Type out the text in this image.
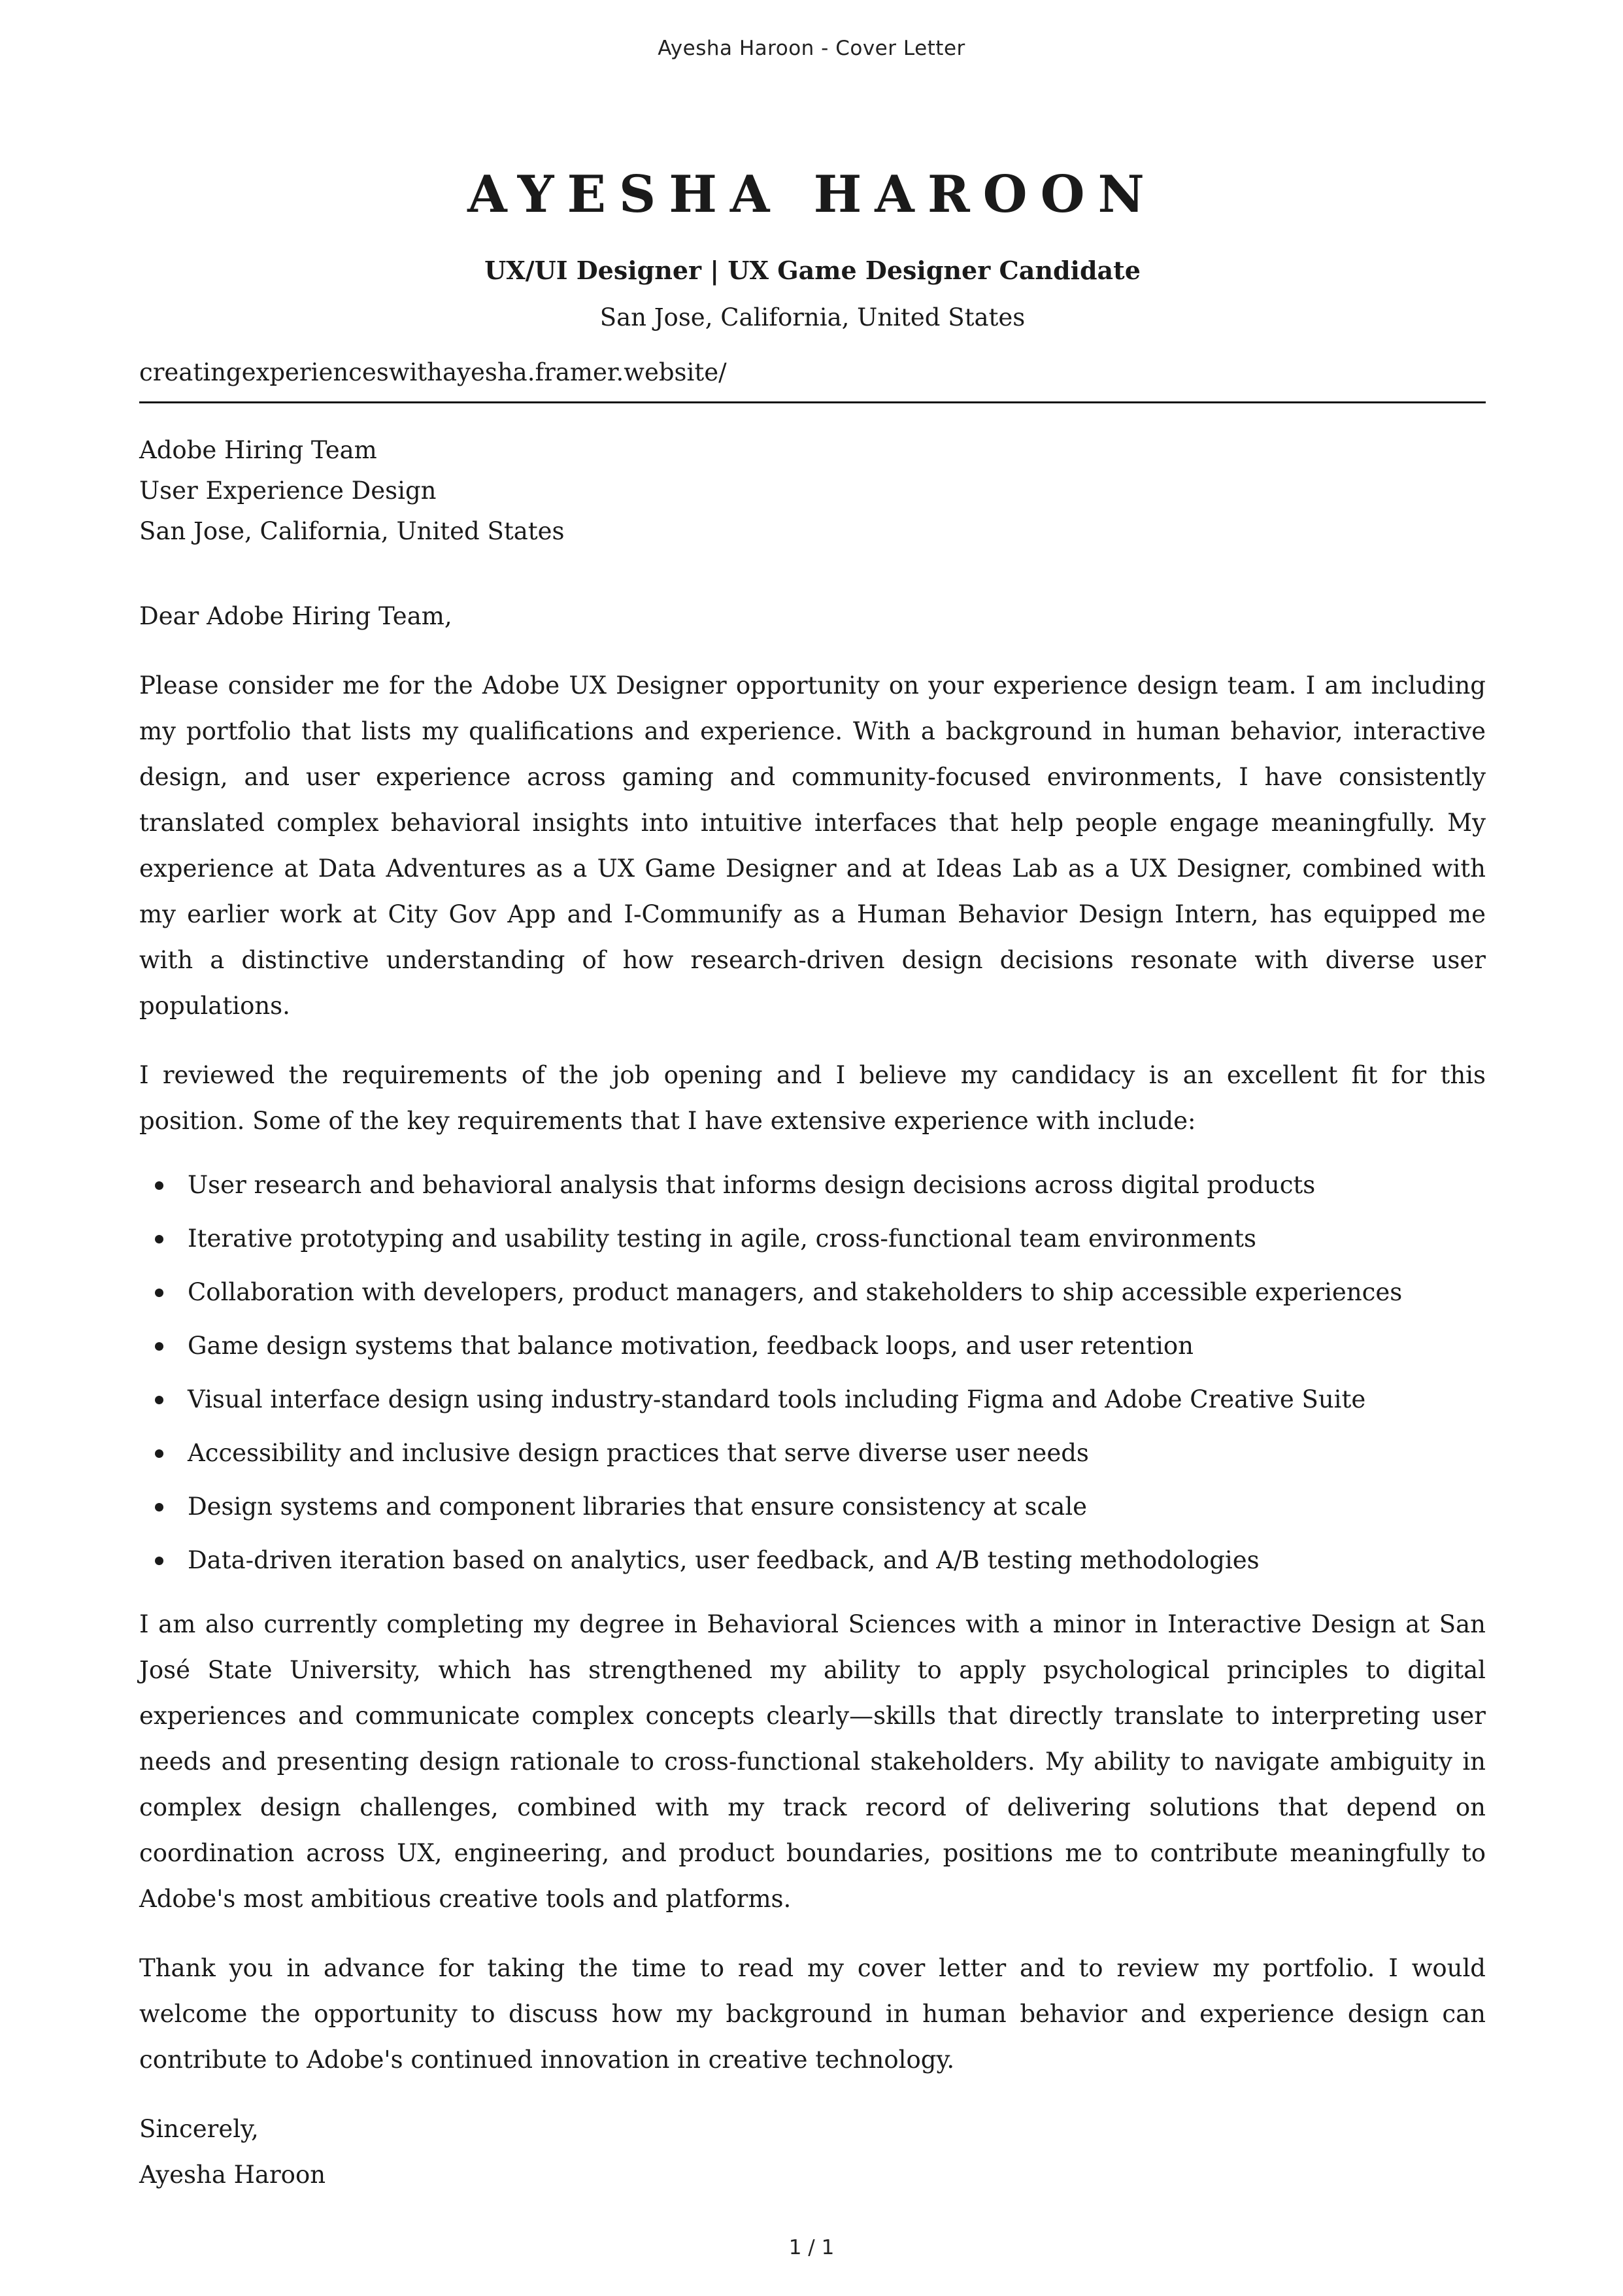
Ayesha Haroon - Cover Letter
AYESHA HAROON
UX/UI Designer | UX Game Designer Candidate
San Jose, California, United States
creatingexperienceswithayesha.framer.website/
Adobe Hiring Team
User Experience Design
San Jose, California, United States

Dear Adobe Hiring Team,

Please consider me for the Adobe UX Designer opportunity on your experience design team. I am including my portfolio that lists my qualifications and experience. With a background in human behavior, interactive design, and user experience across gaming and community-focused environments, I have consistently translated complex behavioral insights into intuitive interfaces that help people engage meaningfully. My experience at Data Adventures as a UX Game Designer and at Ideas Lab as a UX Designer, combined with my earlier work at City Gov App and I-Communify as a Human Behavior Design Intern, has equipped me with a distinctive understanding of how research-driven design decisions resonate with diverse user populations.

I reviewed the requirements of the job opening and I believe my candidacy is an excellent fit for this position. Some of the key requirements that I have extensive experience with include:

User research and behavioral analysis that informs design decisions across digital products
Iterative prototyping and usability testing in agile, cross-functional team environments
Collaboration with developers, product managers, and stakeholders to ship accessible experiences
Game design systems that balance motivation, feedback loops, and user retention
Visual interface design using industry-standard tools including Figma and Adobe Creative Suite
Accessibility and inclusive design practices that serve diverse user needs
Design systems and component libraries that ensure consistency at scale
Data-driven iteration based on analytics, user feedback, and A/B testing methodologies

I am also currently completing my degree in Behavioral Sciences with a minor in Interactive Design at San José State University, which has strengthened my ability to apply psychological principles to digital experiences and communicate complex concepts clearly—skills that directly translate to interpreting user needs and presenting design rationale to cross-functional stakeholders. My ability to navigate ambiguity in complex design challenges, combined with my track record of delivering solutions that depend on coordination across UX, engineering, and product boundaries, positions me to contribute meaningfully to Adobe's most ambitious creative tools and platforms.

Thank you in advance for taking the time to read my cover letter and to review my portfolio. I would welcome the opportunity to discuss how my background in human behavior and experience design can contribute to Adobe's continued innovation in creative technology.

Sincerely,

Ayesha Haroon

1 / 1
